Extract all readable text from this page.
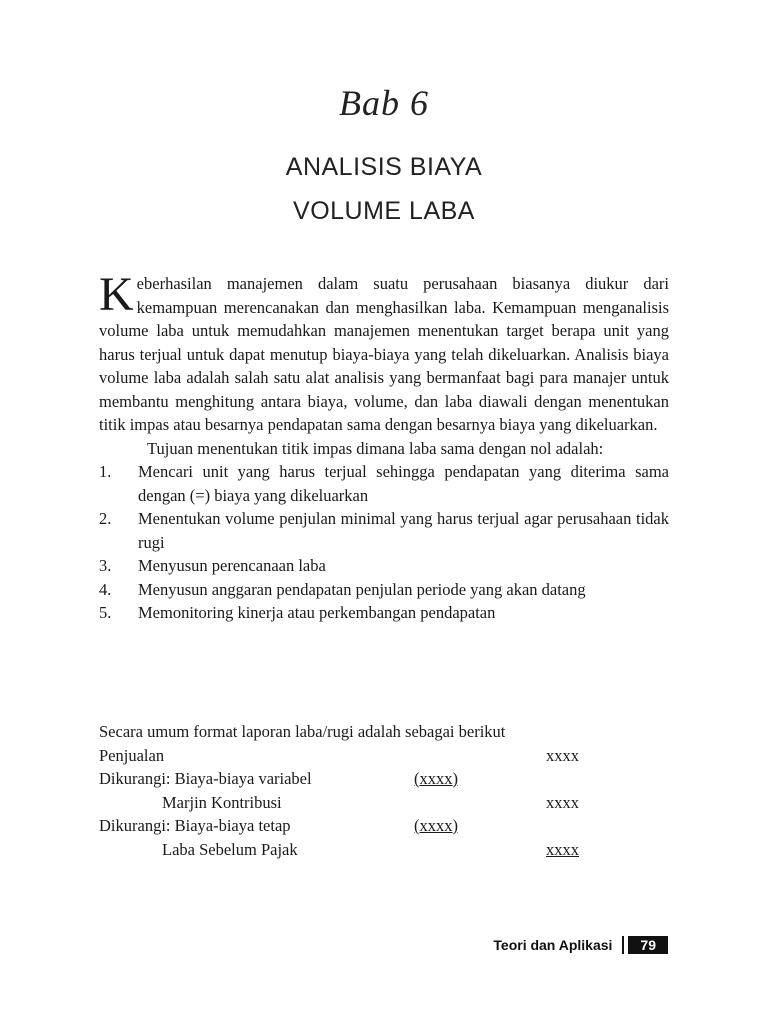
Bab 6
ANALISIS BIAYA
VOLUME LABA

Keberhasilan manajemen dalam suatu perusahaan biasanya diukur dari kemampuan merencanakan dan menghasilkan laba. Kemampuan menganalisis volume laba untuk memudahkan manajemen menentukan target berapa unit yang harus terjual untuk dapat menutup biaya-biaya yang telah dikeluarkan. Analisis biaya volume laba adalah salah satu alat analisis yang bermanfaat bagi para manajer untuk membantu menghitung antara biaya, volume, dan laba diawali dengan menentukan titik impas atau besarnya pendapatan sama dengan besarnya biaya yang dikeluarkan.

Tujuan menentukan titik impas dimana laba sama dengan nol adalah:

1. Mencari unit yang harus terjual sehingga pendapatan yang diterima sama dengan (=) biaya yang dikeluarkan
2. Menentukan volume penjulan minimal yang harus terjual agar perusahaan tidak rugi
3. Menyusun perencanaan laba
4. Menyusun anggaran pendapatan penjulan periode yang akan datang
5. Memonitoring kinerja atau perkembangan pendapatan
Secara umum format laporan laba/rugi adalah sebagai berikut
Penjualan	xxxx
Dikurangi: Biaya-biaya variabel	(xxxx)
Marjin Kontribusi	xxxx
Dikurangi: Biaya-biaya tetap	(xxxx)
Laba Sebelum Pajak	xxxx
Teori dan Aplikasi	79
